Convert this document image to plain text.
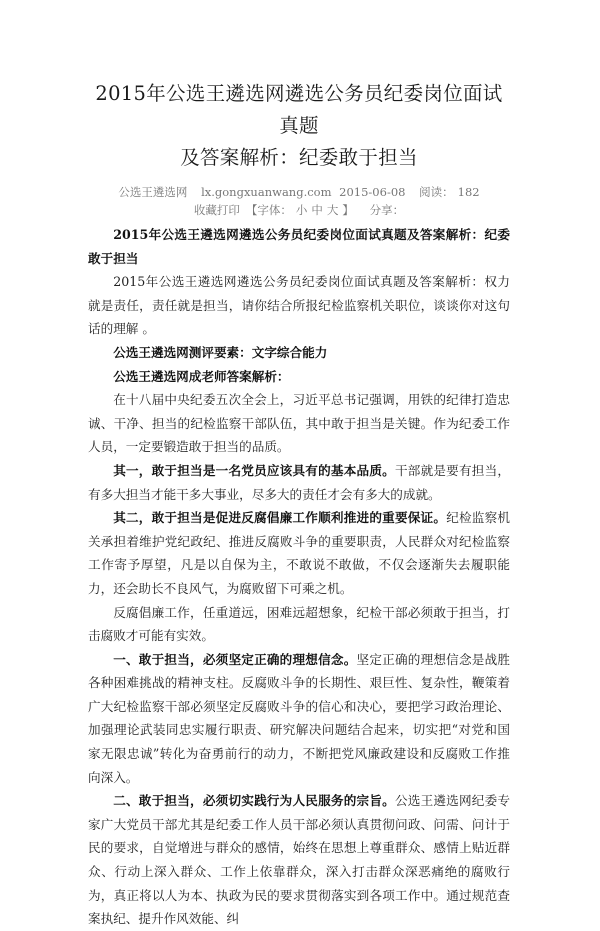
2015年公选王遴选网遴选公务员纪委岗位面试真题
及答案解析：纪委敢于担当
公选王遴选网 lx.gongxuanwang.com 2015-06-08 阅读： 182
收藏打印 【字体： 小 中 大 】 分享：

2015年公选王遴选网遴选公务员纪委岗位面试真题及答案解析：纪委敢于担当

2015年公选王遴选网遴选公务员纪委岗位面试真题及答案解析：权力就是责任，责任就是担当，请你结合所报纪检监察机关职位，谈谈你对这句话的理解 。

公选王遴选网测评要素：文字综合能力

公选王遴选网成老师答案解析：

在十八届中央纪委五次全会上，习近平总书记强调，用铁的纪律打造忠诚、干净、担当的纪检监察干部队伍，其中敢于担当是关键。作为纪委工作人员，一定要锻造敢于担当的品质。

其一，敢于担当是一名党员应该具有的基本品质。干部就是要有担当，有多大担当才能干多大事业，尽多大的责任才会有多大的成就。

其二，敢于担当是促进反腐倡廉工作顺利推进的重要保证。纪检监察机关承担着维护党纪政纪、推进反腐败斗争的重要职责，人民群众对纪检监察工作寄予厚望，凡是以自保为主，不敢说不敢做，不仅会逐渐失去履职能力，还会助长不良风气，为腐败留下可乘之机。

反腐倡廉工作，任重道远，困难远超想象，纪检干部必须敢于担当，打击腐败才可能有实效。

一、敢于担当，必须坚定正确的理想信念。坚定正确的理想信念是战胜各种困难挑战的精神支柱。反腐败斗争的长期性、艰巨性、复杂性，鞭策着广大纪检监察干部必须坚定反腐败斗争的信心和决心，要把学习政治理论、加强理论武装同忠实履行职责、研究解决问题结合起来，切实把“对党和国家无限忠诚”转化为奋勇前行的动力，不断把党风廉政建设和反腐败工作推向深入。

二、敢于担当，必须切实践行为人民服务的宗旨。公选王遴选网纪委专家广大党员干部尤其是纪委工作人员干部必须认真贯彻问政、问需、问计于民的要求，自觉增进与群众的感情，始终在思想上尊重群众、感情上贴近群众、行动上深入群众、工作上依靠群众，深入打击群众深恶痛绝的腐败行为，真正将以人为本、执政为民的要求贯彻落实到各项工作中。通过规范查案执纪、提升作风效能、纠
